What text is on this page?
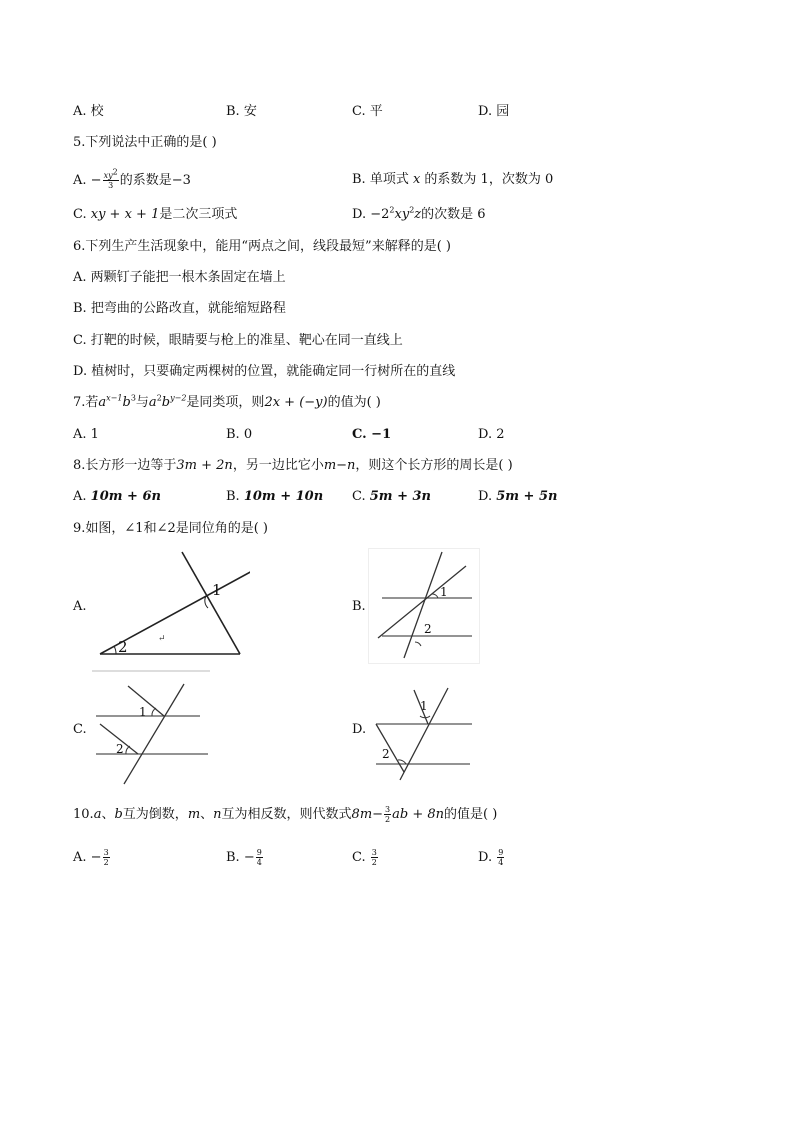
A. 校	B. 安	C. 平	D. 园
5.下列说法中正确的是( )
A. − $\frac{xy^2}{3}$ 的系数是−3	B. 单项式 x 的系数为 1，次数为 0
C. xy + x + 1是二次三项式	D. $-2^2xy^2z$的次数是 6
6.下列生产生活现象中，能用“两点之间，线段最短”来解释的是( )
A. 两颗钉子能把一根木条固定在墙上
B. 把弯曲的公路改直，就能缩短路程
C. 打靶的时候，眼睛要与枪上的准星、靶心在同一直线上
D. 植树时，只要确定两棵树的位置，就能确定同一行树所在的直线
7.若$a^{x-1}b^3$与$a^2b^{y-2}$是同类项，则2x + (−y)的值为( )
A. 1	B. 0	C. −1	D. 2
8.长方形一边等于3m + 2n，另一边比它小m−n，则这个长方形的周长是( )
A. 10m + 6n	B. 10m + 10n C. 5m + 3n	D. 5m + 5n
9.如图，∠1和∠2是同位角的是( )
A.
1
2	↵
B.
1
2
C.
1
2
D.
1
2
10.a、b互为倒数，m、n互为相反数，则代数式$8m- \frac{3}{2}$ ab + 8n的值是( )
A. − $\frac{3}{2}$	B. − $\frac{9}{4}$	C. $\frac{3}{2}$	D. $\frac{9}{4}$
